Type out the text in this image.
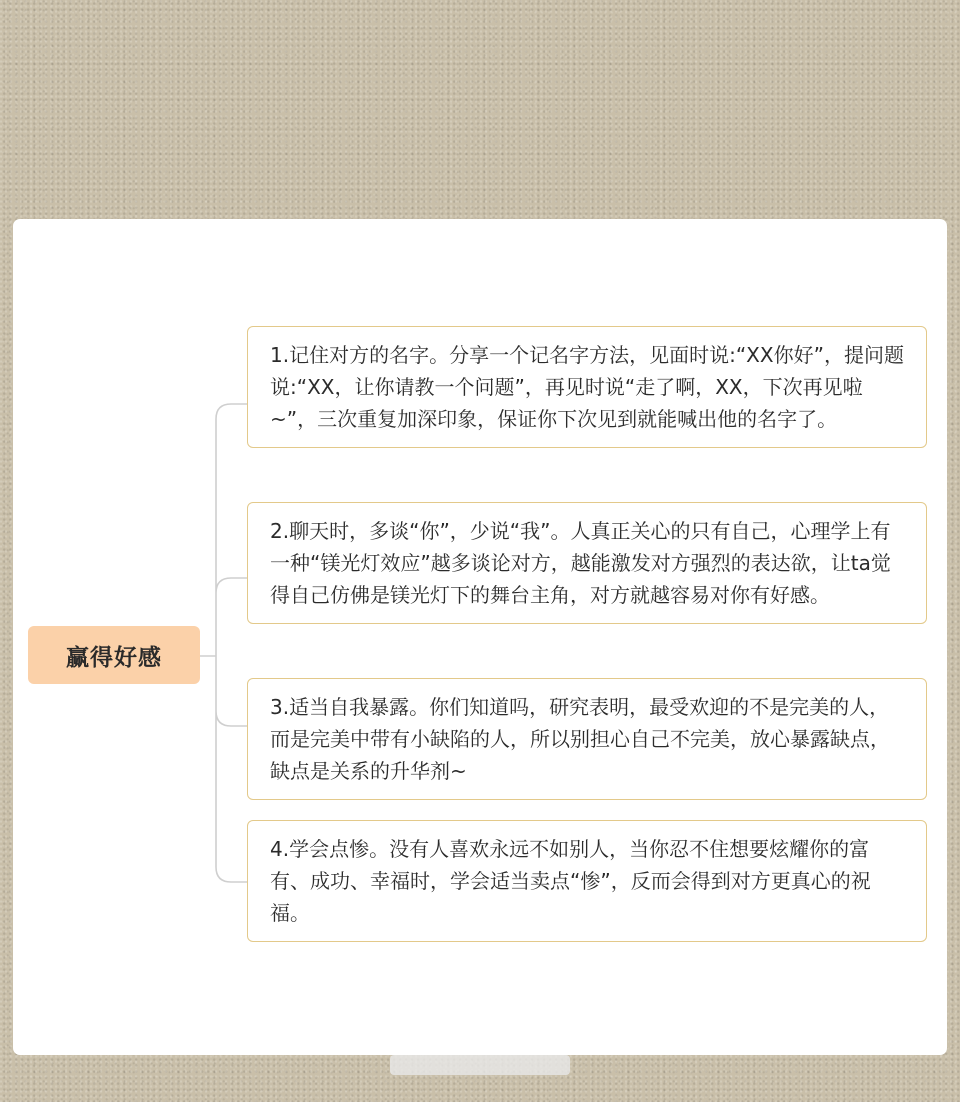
赢得好感
1.记住对方的名字。分享一个记名字方法，见面时说:“XX你好”，提问题说:“XX，让你请教一个问题”，再见时说“走了啊，XX，下次再见啦~”，三次重复加深印象，保证你下次见到就能喊出他的名字了。
2.聊天时，多谈“你”，少说“我”。人真正关心的只有自己，心理学上有一种“镁光灯效应”越多谈论对方，越能激发对方强烈的表达欲，让ta觉得自己仿佛是镁光灯下的舞台主角，对方就越容易对你有好感。
3.适当自我暴露。你们知道吗，研究表明，最受欢迎的不是完美的人，而是完美中带有小缺陷的人，所以别担心自己不完美，放心暴露缺点，缺点是关系的升华剂~
4.学会点惨。没有人喜欢永远不如别人，当你忍不住想要炫耀你的富有、成功、幸福时，学会适当卖点“惨”，反而会得到对方更真心的祝福。
